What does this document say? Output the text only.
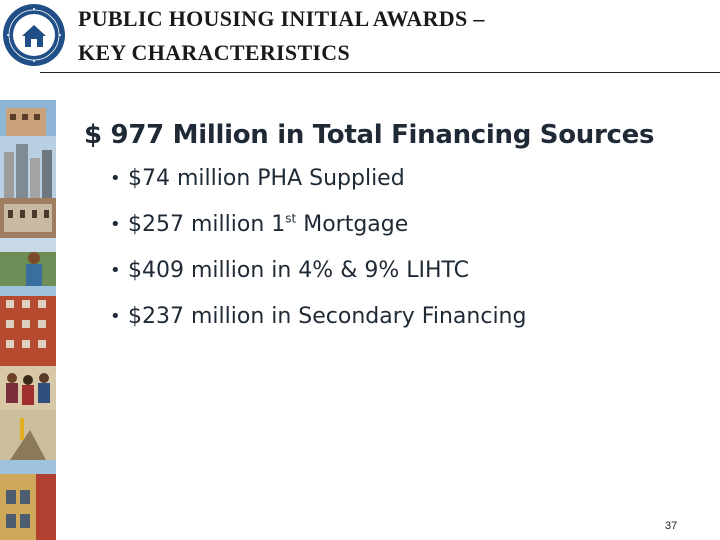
PUBLIC HOUSING INITIAL AWARDS –
KEY CHARACTERISTICS
$ 977 Million in Total Financing Sources
• $74 million PHA Supplied
• $257 million 1st Mortgage
• $409 million in 4% & 9% LIHTC
• $237 million in Secondary Financing
37
